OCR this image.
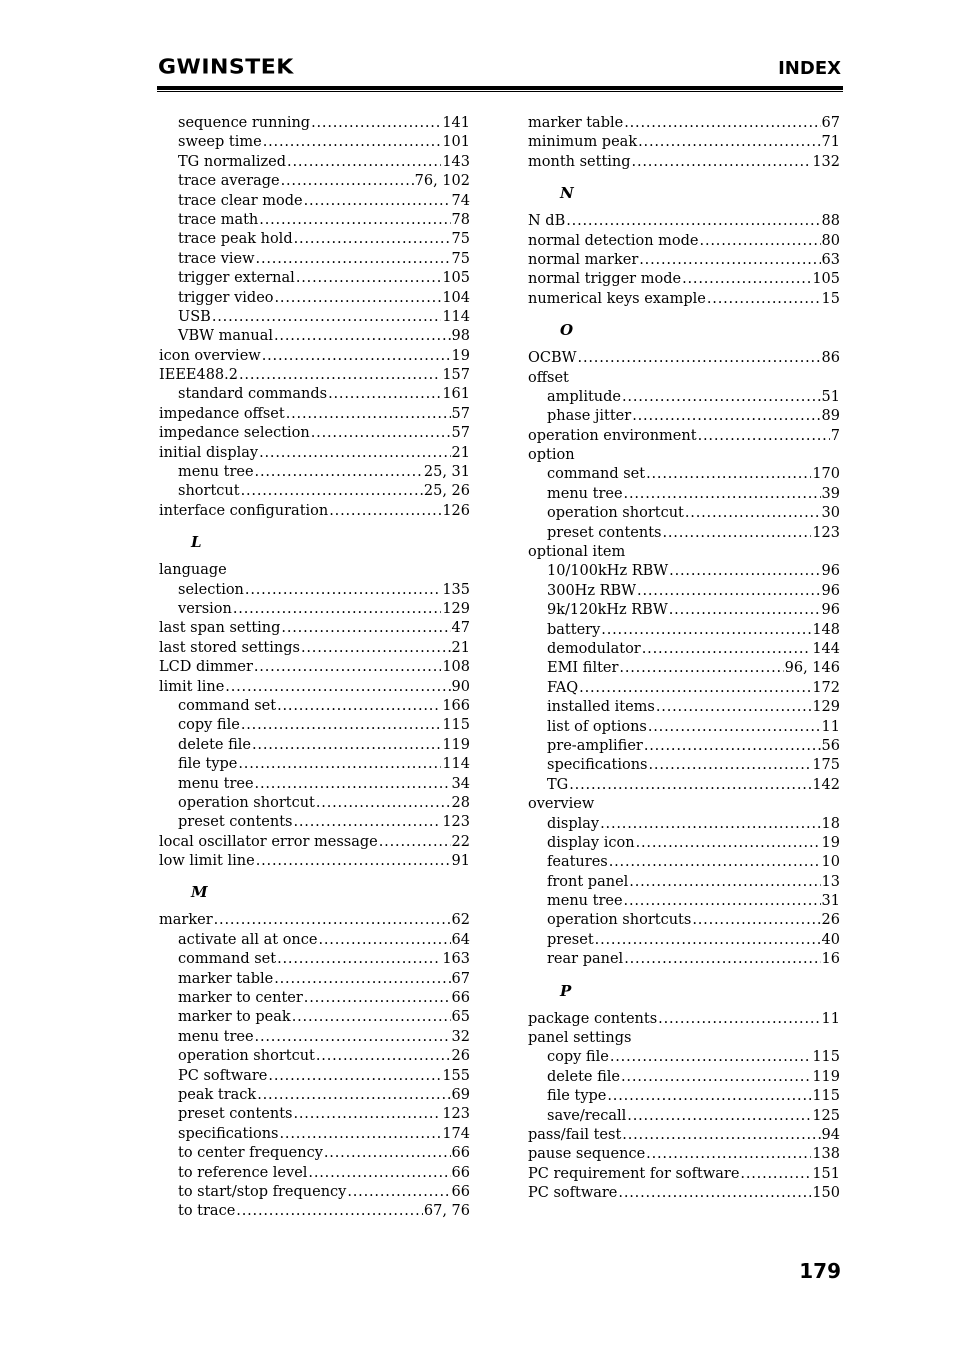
GWINSTEK	INDEX
sequence running . . .	141
sweep time . . .	101
TG normalized . . .	143
trace average . . .	76, 102
trace clear mode . . .	74
trace math . . .	78
trace peak hold . . .	75
trace view . . .	75
trigger external . . .	105
trigger video . . .	104
USB . . .	114
VBW manual . . .	98
icon overview . . .	19
IEEE488.2 . . .	157
standard commands . . .	161
impedance offset . . .	57
impedance selection . . .	57
initial display . . .	21
menu tree . . .	25, 31
shortcut . . .	25, 26
interface configuration . . .	126
L
language
selection . . .	135
version . . .	129
last span setting . . .	47
last stored settings . . .	21
LCD dimmer . . .	108
limit line . . .	90
command set . . .	166
copy file . . .	115
delete file . . .	119
file type . . .	114
menu tree . . .	34
operation shortcut . . .	28
preset contents . . .	123
local oscillator error message . . .	22
low limit line . . .	91
M
marker . . .	62
activate all at once . . .	64
command set . . .	163
marker table . . .	67
marker to center . . .	66
marker to peak . . .	65
menu tree . . .	32
operation shortcut . . .	26
PC software . . .	155
peak track . . .	69
preset contents . . .	123
specifications . . .	174
to center frequency . . .	66
to reference level . . .	66
to start/stop frequency . . .	66
to trace . . .	67, 76
marker table . . .	67
minimum peak . . .	71
month setting . . .	132
N
N dB . . .	88
normal detection mode . . .	80
normal marker . . .	63
normal trigger mode . . .	105
numerical keys example . . .	15
O
OCBW . . .	86
offset
amplitude . . .	51
phase jitter . . .	89
operation environment . . .	7
option
command set . . .	170
menu tree . . .	39
operation shortcut . . .	30
preset contents . . .	123
optional item
10/100kHz RBW . . .	96
300Hz RBW . . .	96
9k/120kHz RBW . . .	96
battery . . .	148
demodulator . . .	144
EMI filter . . .	96, 146
FAQ . . .	172
installed items . . .	129
list of options . . .	11
pre-amplifier . . .	56
specifications . . .	175
TG . . .	142
overview
display . . .	18
display icon . . .	19
features . . .	10
front panel . . .	13
menu tree . . .	31
operation shortcuts . . .	26
preset . . .	40
rear panel . . .	16
P
package contents . . .	11
panel settings
copy file . . .	115
delete file . . .	119
file type . . .	115
save/recall . . .	125
pass/fail test . . .	94
pause sequence . . .	138
PC requirement for software . . .	151
PC software . . .	150
179
